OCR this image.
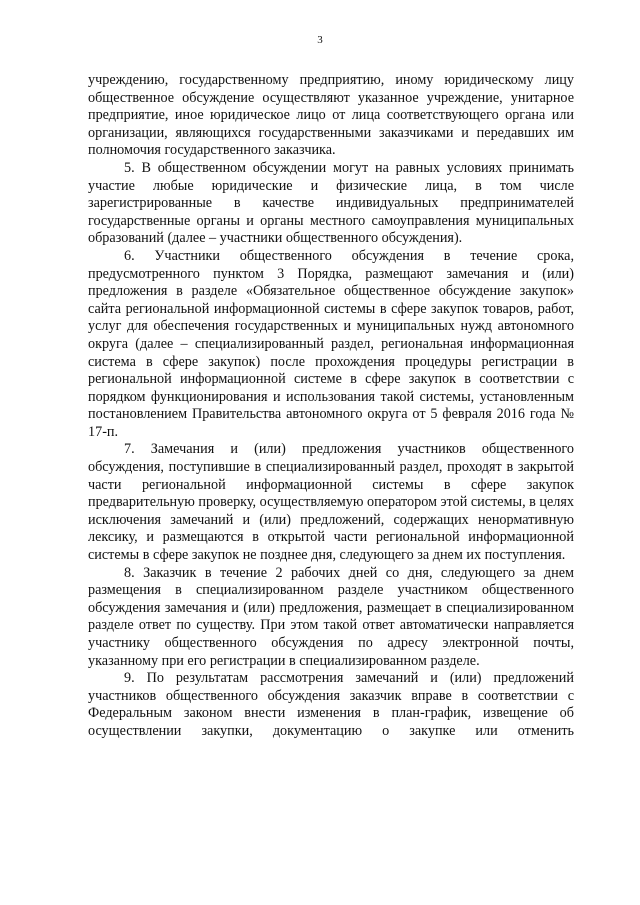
3

учреждению, государственному предприятию, иному юридическому лицу общественное обсуждение осуществляют указанное учреждение, унитарное предприятие, иное юридическое лицо от лица соответствующего органа или организации, являющихся государственными заказчиками и передавших им полномочия государственного заказчика.

5. В общественном обсуждении могут на равных условиях принимать участие любые юридические и физические лица, в том числе зарегистрированные в качестве индивидуальных предпринимателей государственные органы и органы местного самоуправления муниципальных образований (далее – участники общественного обсуждения).

6. Участники общественного обсуждения в течение срока, предусмотренного пунктом 3 Порядка, размещают замечания и (или) предложения в разделе «Обязательное общественное обсуждение закупок» сайта региональной информационной системы в сфере закупок товаров, работ, услуг для обеспечения государственных и муниципальных нужд автономного округа (далее – специализированный раздел, региональная информационная система в сфере закупок) после прохождения процедуры регистрации в региональной информационной системе в сфере закупок в соответствии с порядком функционирования и использования такой системы, установленным постановлением Правительства автономного округа от 5 февраля 2016 года № 17-п.

7. Замечания и (или) предложения участников общественного обсуждения, поступившие в специализированный раздел, проходят в закрытой части региональной информационной системы в сфере закупок предварительную проверку, осуществляемую оператором этой системы, в целях исключения замечаний и (или) предложений, содержащих ненормативную лексику, и размещаются в открытой части региональной информационной системы в сфере закупок не позднее дня, следующего за днем их поступления.

8. Заказчик в течение 2 рабочих дней со дня, следующего за днем размещения в специализированном разделе участником общественного обсуждения замечания и (или) предложения, размещает в специализированном разделе ответ по существу. При этом такой ответ автоматически направляется участнику общественного обсуждения по адресу электронной почты, указанному при его регистрации в специализированном разделе.

9. По результатам рассмотрения замечаний и (или) предложений участников общественного обсуждения заказчик вправе в соответствии с Федеральным законом внести изменения в план-график, извещение об осуществлении закупки, документацию о закупке или отменить
